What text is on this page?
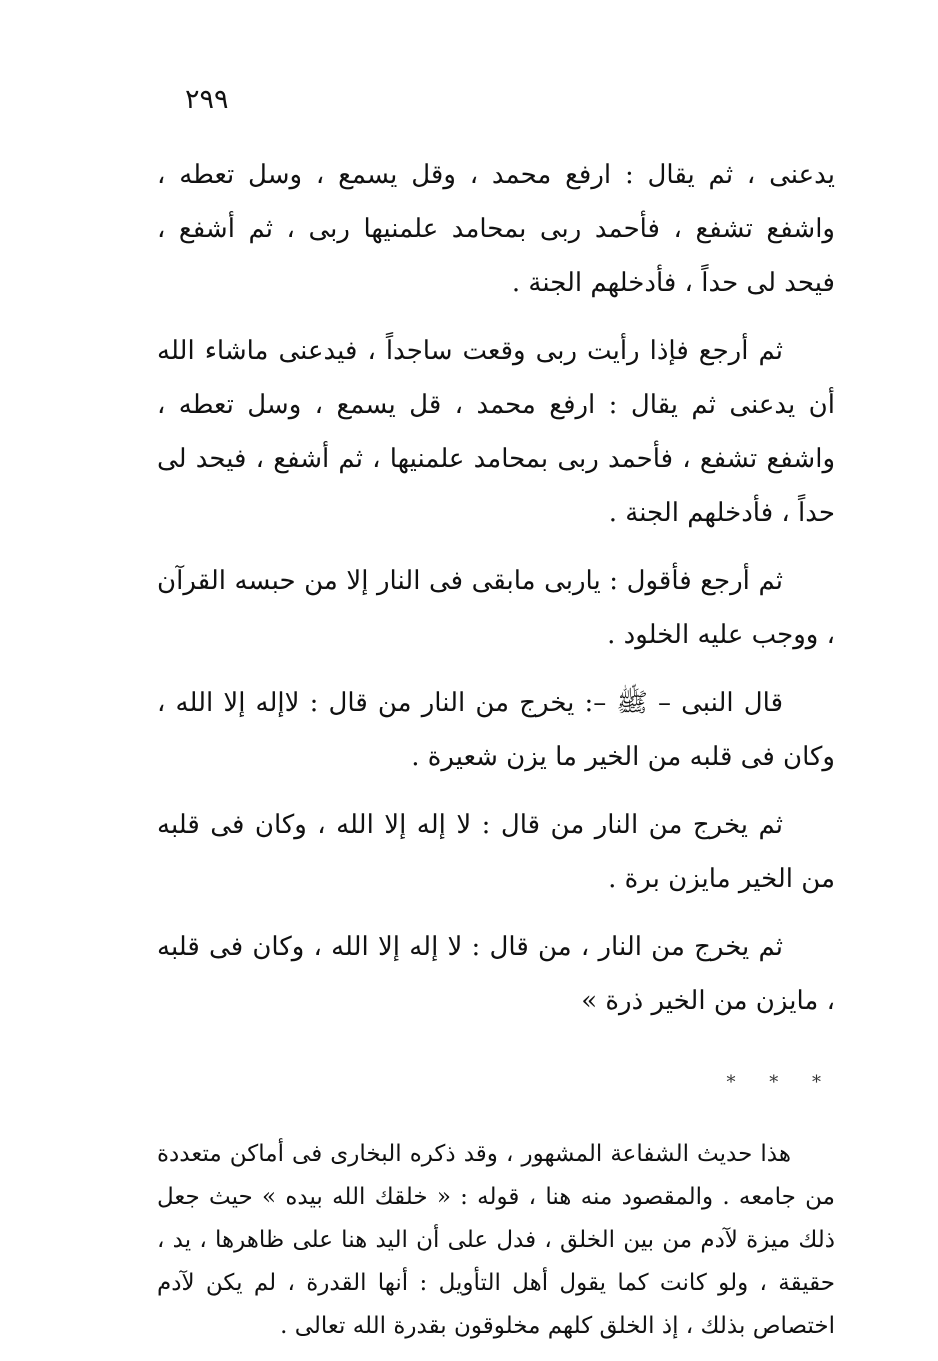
٢٩٩

يدعنى ، ثم يقال : ارفع محمد ، وقل يسمع ، وسل تعطه ، واشفع تشفع ، فأحمد ربى بمحامد علمنيها ربى ، ثم أشفع ، فيحد لى حداً ، فأدخلهم الجنة .

ثم أرجع فإذا رأيت ربى وقعت ساجداً ، فيدعنى ماشاء الله أن يدعنى ثم يقال : ارفع محمد ، قل يسمع ، وسل تعطه ، واشفع تشفع ، فأحمد ربى بمحامد علمنيها ، ثم أشفع ، فيحد لى حداً ، فأدخلهم الجنة .

ثم أرجع فأقول : ياربى مابقى فى النار إلا من حبسه القرآن ، ووجب عليه الخلود .

قال النبى – ﷺ –: يخرج من النار من قال : لاإله إلا الله ، وكان فى قلبه من الخير ما يزن شعيرة .

ثم يخرج من النار من قال : لا إله إلا الله ، وكان فى قلبه من الخير مايزن برة .

ثم يخرج من النار ، من قال : لا إله إلا الله ، وكان فى قلبه ، مايزن من الخير ذرة »

* * *

هذا حديث الشفاعة المشهور ، وقد ذكره البخارى فى أماكن متعددة من جامعه . والمقصود منه هنا ، قوله : « خلقك الله بيده » حيث جعل ذلك ميزة لآدم من بين الخلق ، فدل على أن اليد هنا على ظاهرها ، يد ، حقيقة ، ولو كانت كما يقول أهل التأويل : أنها القدرة ، لم يكن لآدم اختصاص بذلك ، إذ الخلق كلهم مخلوقون بقدرة الله تعالى .
